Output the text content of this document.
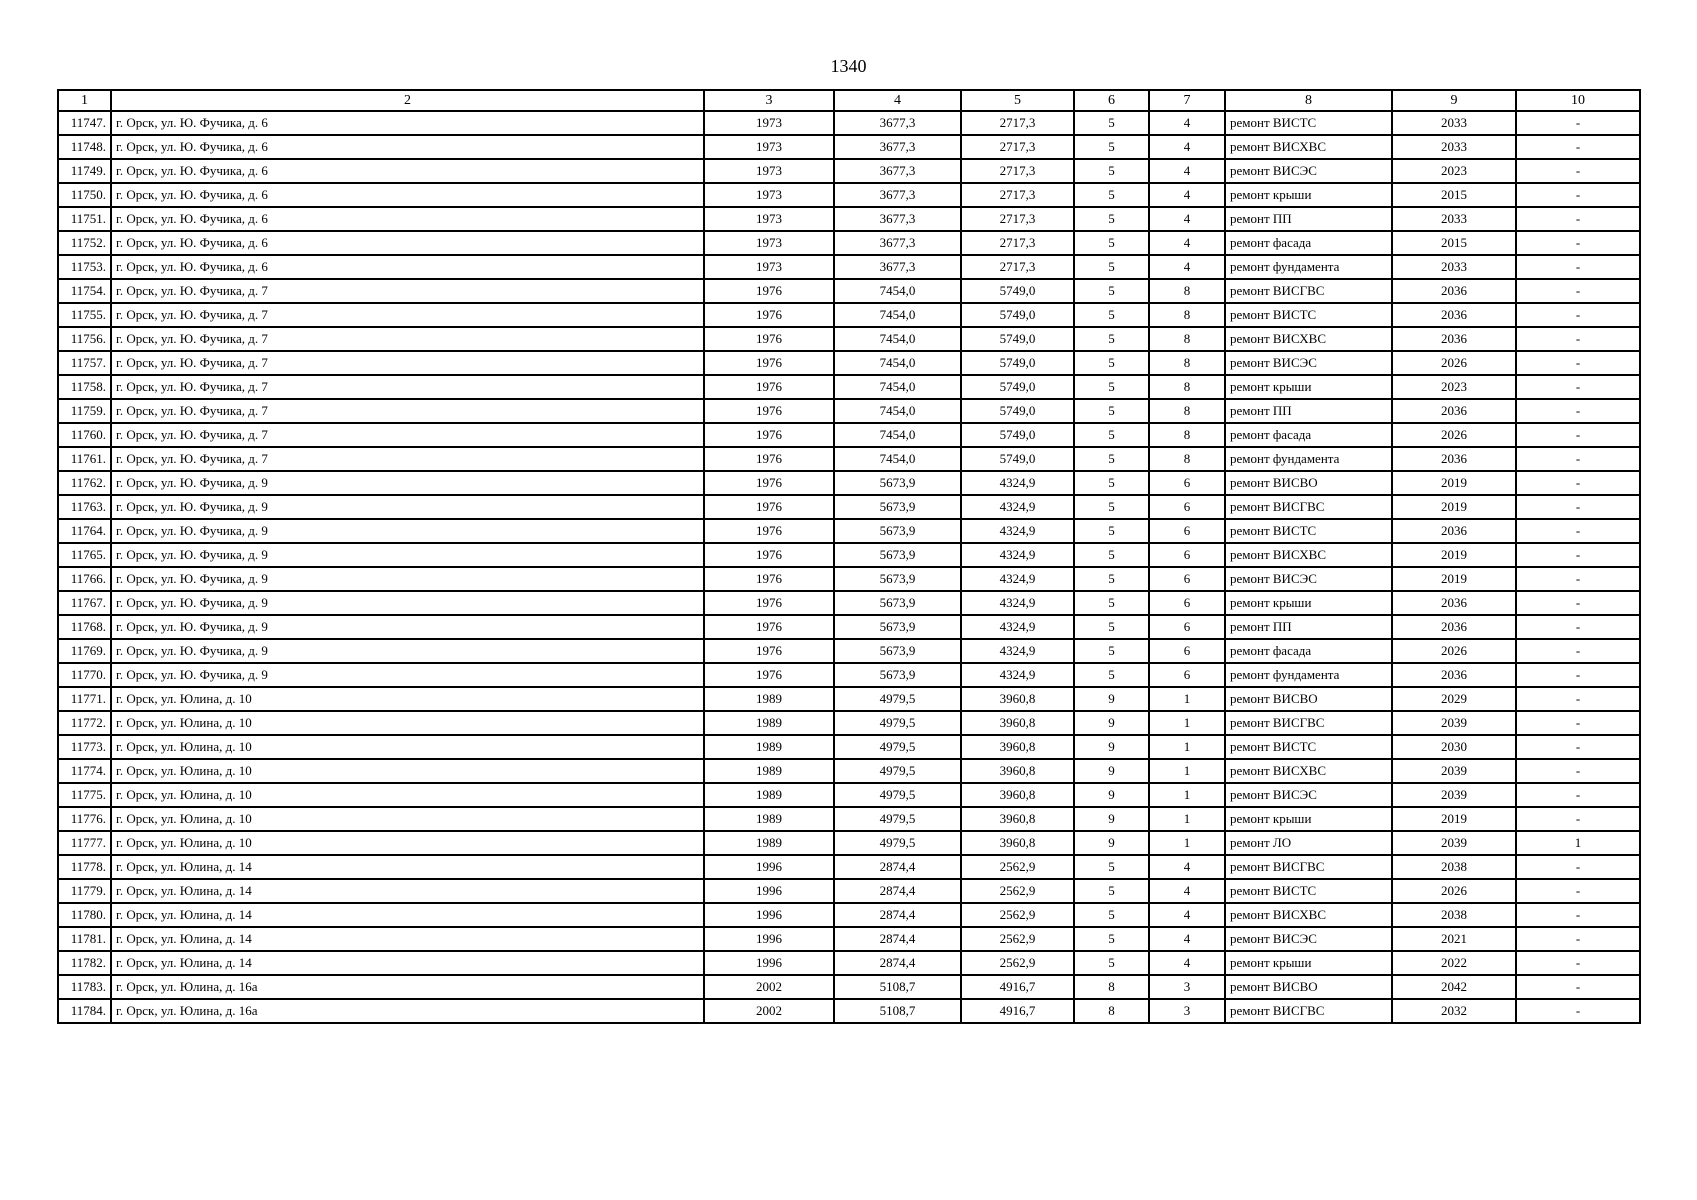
1340
1	2	3	4	5	6	7	8	9	10
11747.	г. Орск, ул. Ю. Фучика, д. 6	1973	3677,3	2717,3	5	4	ремонт ВИСТС	2033	-
11748.	г. Орск, ул. Ю. Фучика, д. 6	1973	3677,3	2717,3	5	4	ремонт ВИСХВС	2033	-
11749.	г. Орск, ул. Ю. Фучика, д. 6	1973	3677,3	2717,3	5	4	ремонт ВИСЭС	2023	-
11750.	г. Орск, ул. Ю. Фучика, д. 6	1973	3677,3	2717,3	5	4	ремонт крыши	2015	-
11751.	г. Орск, ул. Ю. Фучика, д. 6	1973	3677,3	2717,3	5	4	ремонт ПП	2033	-
11752.	г. Орск, ул. Ю. Фучика, д. 6	1973	3677,3	2717,3	5	4	ремонт фасада	2015	-
11753.	г. Орск, ул. Ю. Фучика, д. 6	1973	3677,3	2717,3	5	4	ремонт фундамента	2033	-
11754.	г. Орск, ул. Ю. Фучика, д. 7	1976	7454,0	5749,0	5	8	ремонт ВИСГВС	2036	-
11755.	г. Орск, ул. Ю. Фучика, д. 7	1976	7454,0	5749,0	5	8	ремонт ВИСТС	2036	-
11756.	г. Орск, ул. Ю. Фучика, д. 7	1976	7454,0	5749,0	5	8	ремонт ВИСХВС	2036	-
11757.	г. Орск, ул. Ю. Фучика, д. 7	1976	7454,0	5749,0	5	8	ремонт ВИСЭС	2026	-
11758.	г. Орск, ул. Ю. Фучика, д. 7	1976	7454,0	5749,0	5	8	ремонт крыши	2023	-
11759.	г. Орск, ул. Ю. Фучика, д. 7	1976	7454,0	5749,0	5	8	ремонт ПП	2036	-
11760.	г. Орск, ул. Ю. Фучика, д. 7	1976	7454,0	5749,0	5	8	ремонт фасада	2026	-
11761.	г. Орск, ул. Ю. Фучика, д. 7	1976	7454,0	5749,0	5	8	ремонт фундамента	2036	-
11762.	г. Орск, ул. Ю. Фучика, д. 9	1976	5673,9	4324,9	5	6	ремонт ВИСВО	2019	-
11763.	г. Орск, ул. Ю. Фучика, д. 9	1976	5673,9	4324,9	5	6	ремонт ВИСГВС	2019	-
11764.	г. Орск, ул. Ю. Фучика, д. 9	1976	5673,9	4324,9	5	6	ремонт ВИСТС	2036	-
11765.	г. Орск, ул. Ю. Фучика, д. 9	1976	5673,9	4324,9	5	6	ремонт ВИСХВС	2019	-
11766.	г. Орск, ул. Ю. Фучика, д. 9	1976	5673,9	4324,9	5	6	ремонт ВИСЭС	2019	-
11767.	г. Орск, ул. Ю. Фучика, д. 9	1976	5673,9	4324,9	5	6	ремонт крыши	2036	-
11768.	г. Орск, ул. Ю. Фучика, д. 9	1976	5673,9	4324,9	5	6	ремонт ПП	2036	-
11769.	г. Орск, ул. Ю. Фучика, д. 9	1976	5673,9	4324,9	5	6	ремонт фасада	2026	-
11770.	г. Орск, ул. Ю. Фучика, д. 9	1976	5673,9	4324,9	5	6	ремонт фундамента	2036	-
11771.	г. Орск, ул. Юлина, д. 10	1989	4979,5	3960,8	9	1	ремонт ВИСВО	2029	-
11772.	г. Орск, ул. Юлина, д. 10	1989	4979,5	3960,8	9	1	ремонт ВИСГВС	2039	-
11773.	г. Орск, ул. Юлина, д. 10	1989	4979,5	3960,8	9	1	ремонт ВИСТС	2030	-
11774.	г. Орск, ул. Юлина, д. 10	1989	4979,5	3960,8	9	1	ремонт ВИСХВС	2039	-
11775.	г. Орск, ул. Юлина, д. 10	1989	4979,5	3960,8	9	1	ремонт ВИСЭС	2039	-
11776.	г. Орск, ул. Юлина, д. 10	1989	4979,5	3960,8	9	1	ремонт крыши	2019	-
11777.	г. Орск, ул. Юлина, д. 10	1989	4979,5	3960,8	9	1	ремонт ЛО	2039	1
11778.	г. Орск, ул. Юлина, д. 14	1996	2874,4	2562,9	5	4	ремонт ВИСГВС	2038	-
11779.	г. Орск, ул. Юлина, д. 14	1996	2874,4	2562,9	5	4	ремонт ВИСТС	2026	-
11780.	г. Орск, ул. Юлина, д. 14	1996	2874,4	2562,9	5	4	ремонт ВИСХВС	2038	-
11781.	г. Орск, ул. Юлина, д. 14	1996	2874,4	2562,9	5	4	ремонт ВИСЭС	2021	-
11782.	г. Орск, ул. Юлина, д. 14	1996	2874,4	2562,9	5	4	ремонт крыши	2022	-
11783.	г. Орск, ул. Юлина, д. 16а	2002	5108,7	4916,7	8	3	ремонт ВИСВО	2042	-
11784.	г. Орск, ул. Юлина, д. 16а	2002	5108,7	4916,7	8	3	ремонт ВИСГВС	2032	-
